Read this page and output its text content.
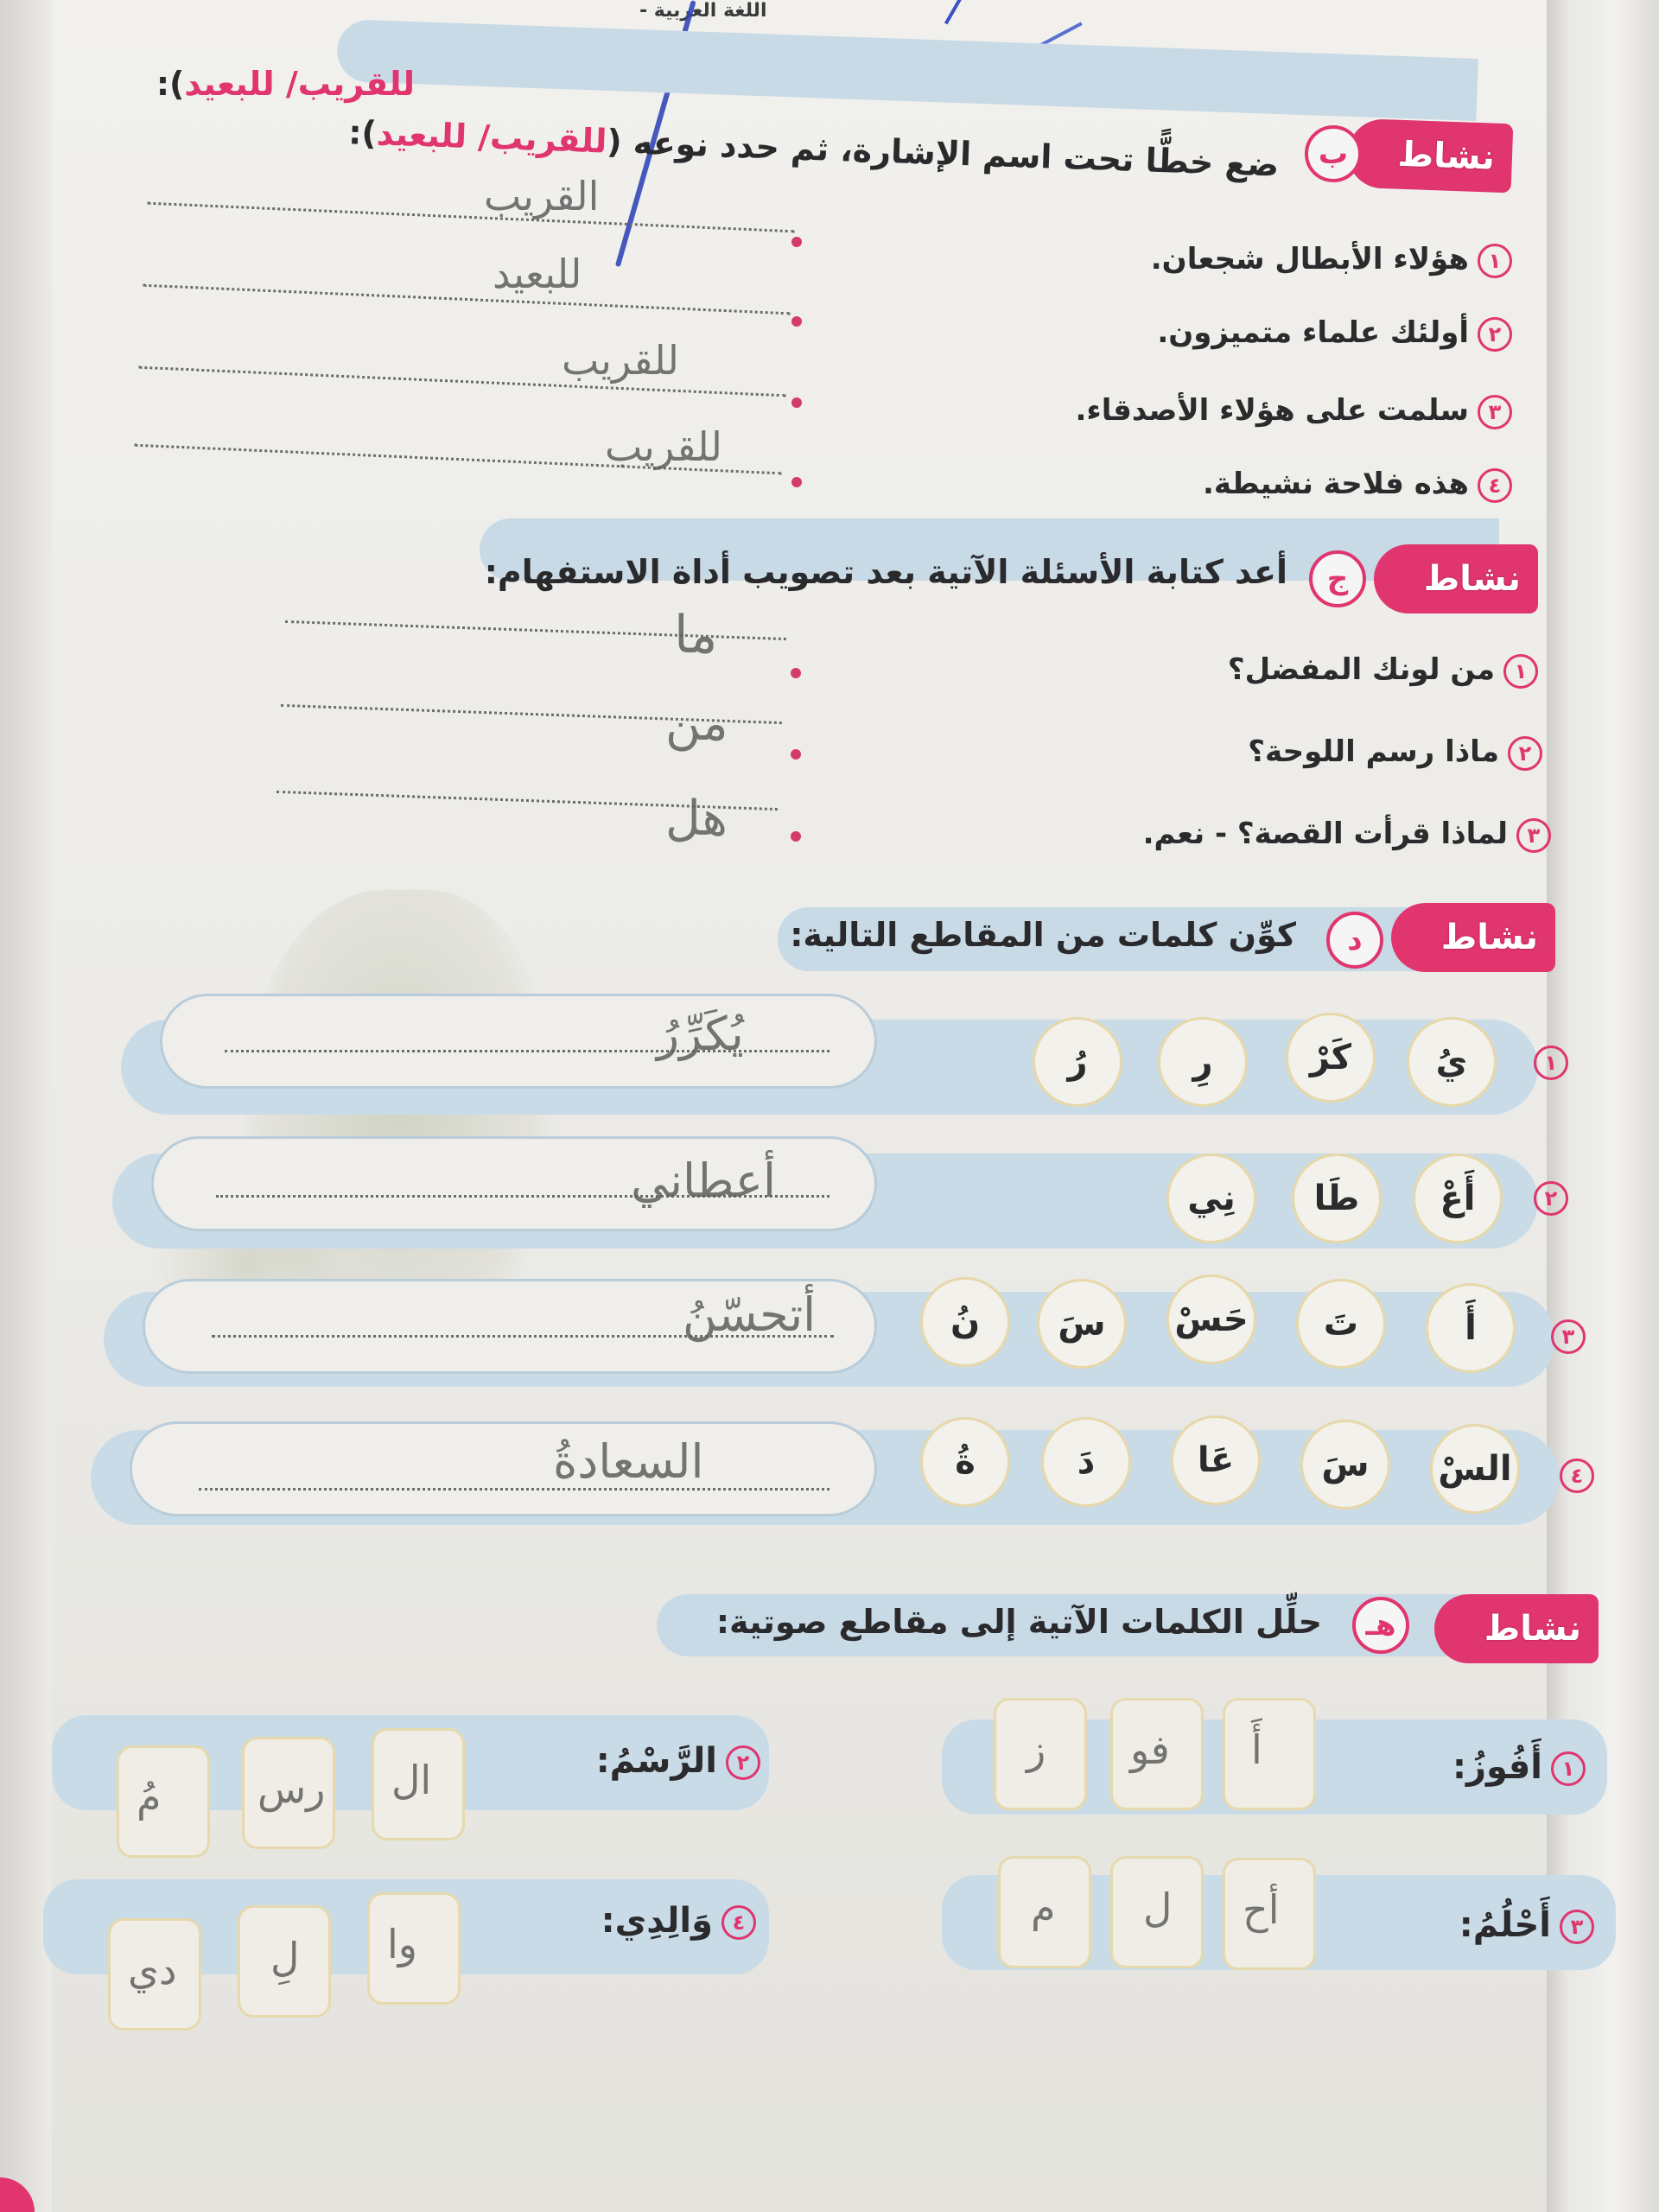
اللغة العربية -
نشاط
ب
ضع خطًّا تحت اسم الإشارة، ثم حدد نوعه (للقريب/ للبعيد):
للقريب/ للبعيد):
١هؤلاء الأبطال شجعان.
القريب
٢أولئك علماء متميزون.
للبعيد
٣سلمت على هؤلاء الأصدقاء.
للقريب
٤هذه فلاحة نشيطة.
للقريب
نشاط
ج
أعد كتابة الأسئلة الآتية بعد تصويب أداة الاستفهام:
١من لونك المفضل؟
ما
٢ماذا رسم اللوحة؟
من
٣لماذا قرأت القصة؟ - نعم.
هل
نشاط
د
كوِّن كلمات من المقاطع التالية:
يُكَرِّرُ
١
يُ
كَرْ
رِ
رُ
أعطاني	٢
أَعْ
طَا
نِي
أتحسّنُ	٣
أَ
تَ
حَسْ
سَ
نُ
السعادةُ	٤
السْ
سَ
عَا
دَ
ةُ
نشاط
هـ
حلِّل الكلمات الآتية إلى مقاطع صوتية:
١أَفُوزُ:
أَ
فو
ز
٢الرَّسْمُ:
ال
رس
مُ
٣أَحْلُمُ:
أح
ل
م
٤وَالِدِي:
وا
لِ
دي
